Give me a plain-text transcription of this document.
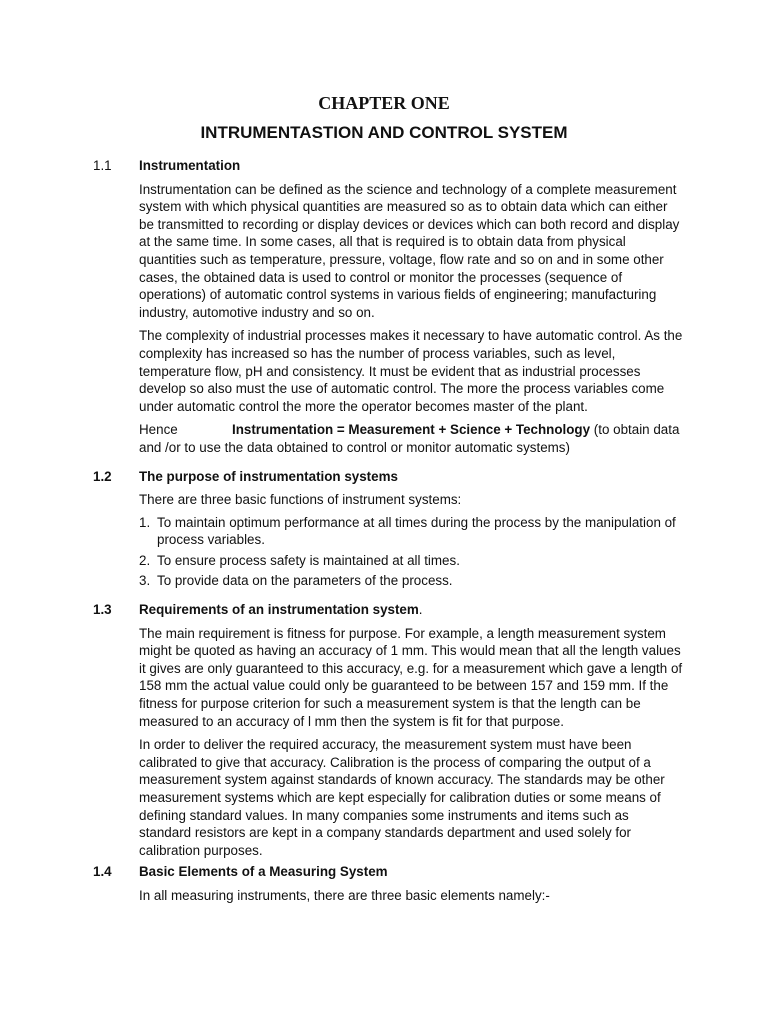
CHAPTER ONE
INTRUMENTASTION AND CONTROL SYSTEM
1.1 Instrumentation
Instrumentation can be defined as the science and technology of a complete measurement system with which physical quantities are measured so as to obtain data which can either be transmitted to recording or display devices or devices which can both record and display at the same time. In some cases, all that is required is to obtain data from physical quantities such as temperature, pressure, voltage, flow rate and so on and in some other cases, the obtained data is used to control or monitor the processes (sequence of operations) of automatic control systems in various fields of engineering; manufacturing industry, automotive industry and so on.
The complexity of industrial processes makes it necessary to have automatic control. As the complexity has increased so has the number of process variables, such as level, temperature flow, pH and consistency. It must be evident that as industrial processes develop so also must the use of automatic control. The more the process variables come under automatic control the more the operator becomes master of the plant.
Hence	Instrumentation = Measurement + Science + Technology (to obtain data and /or to use the data obtained to control or monitor automatic systems)
1.2 The purpose of instrumentation systems
There are three basic functions of instrument systems:
1. To maintain optimum performance at all times during the process by the manipulation of process variables.
2. To ensure process safety is maintained at all times.
3. To provide data on the parameters of the process.
1.3 Requirements of an instrumentation system.
The main requirement is fitness for purpose. For example, a length measurement system might be quoted as having an accuracy of 1 mm. This would mean that all the length values it gives are only guaranteed to this accuracy, e.g. for a measurement which gave a length of 158 mm the actual value could only be guaranteed to be between 157 and 159 mm. If the fitness for purpose criterion for such a measurement system is that the length can be measured to an accuracy of l mm then the system is fit for that purpose.
In order to deliver the required accuracy, the measurement system must have been calibrated to give that accuracy. Calibration is the process of comparing the output of a measurement system against standards of known accuracy. The standards may be other measurement systems which are kept especially for calibration duties or some means of defining standard values. In many companies some instruments and items such as standard resistors are kept in a company standards department and used solely for calibration purposes.
1.4 Basic Elements of a Measuring System
In all measuring instruments, there are three basic elements namely:-
